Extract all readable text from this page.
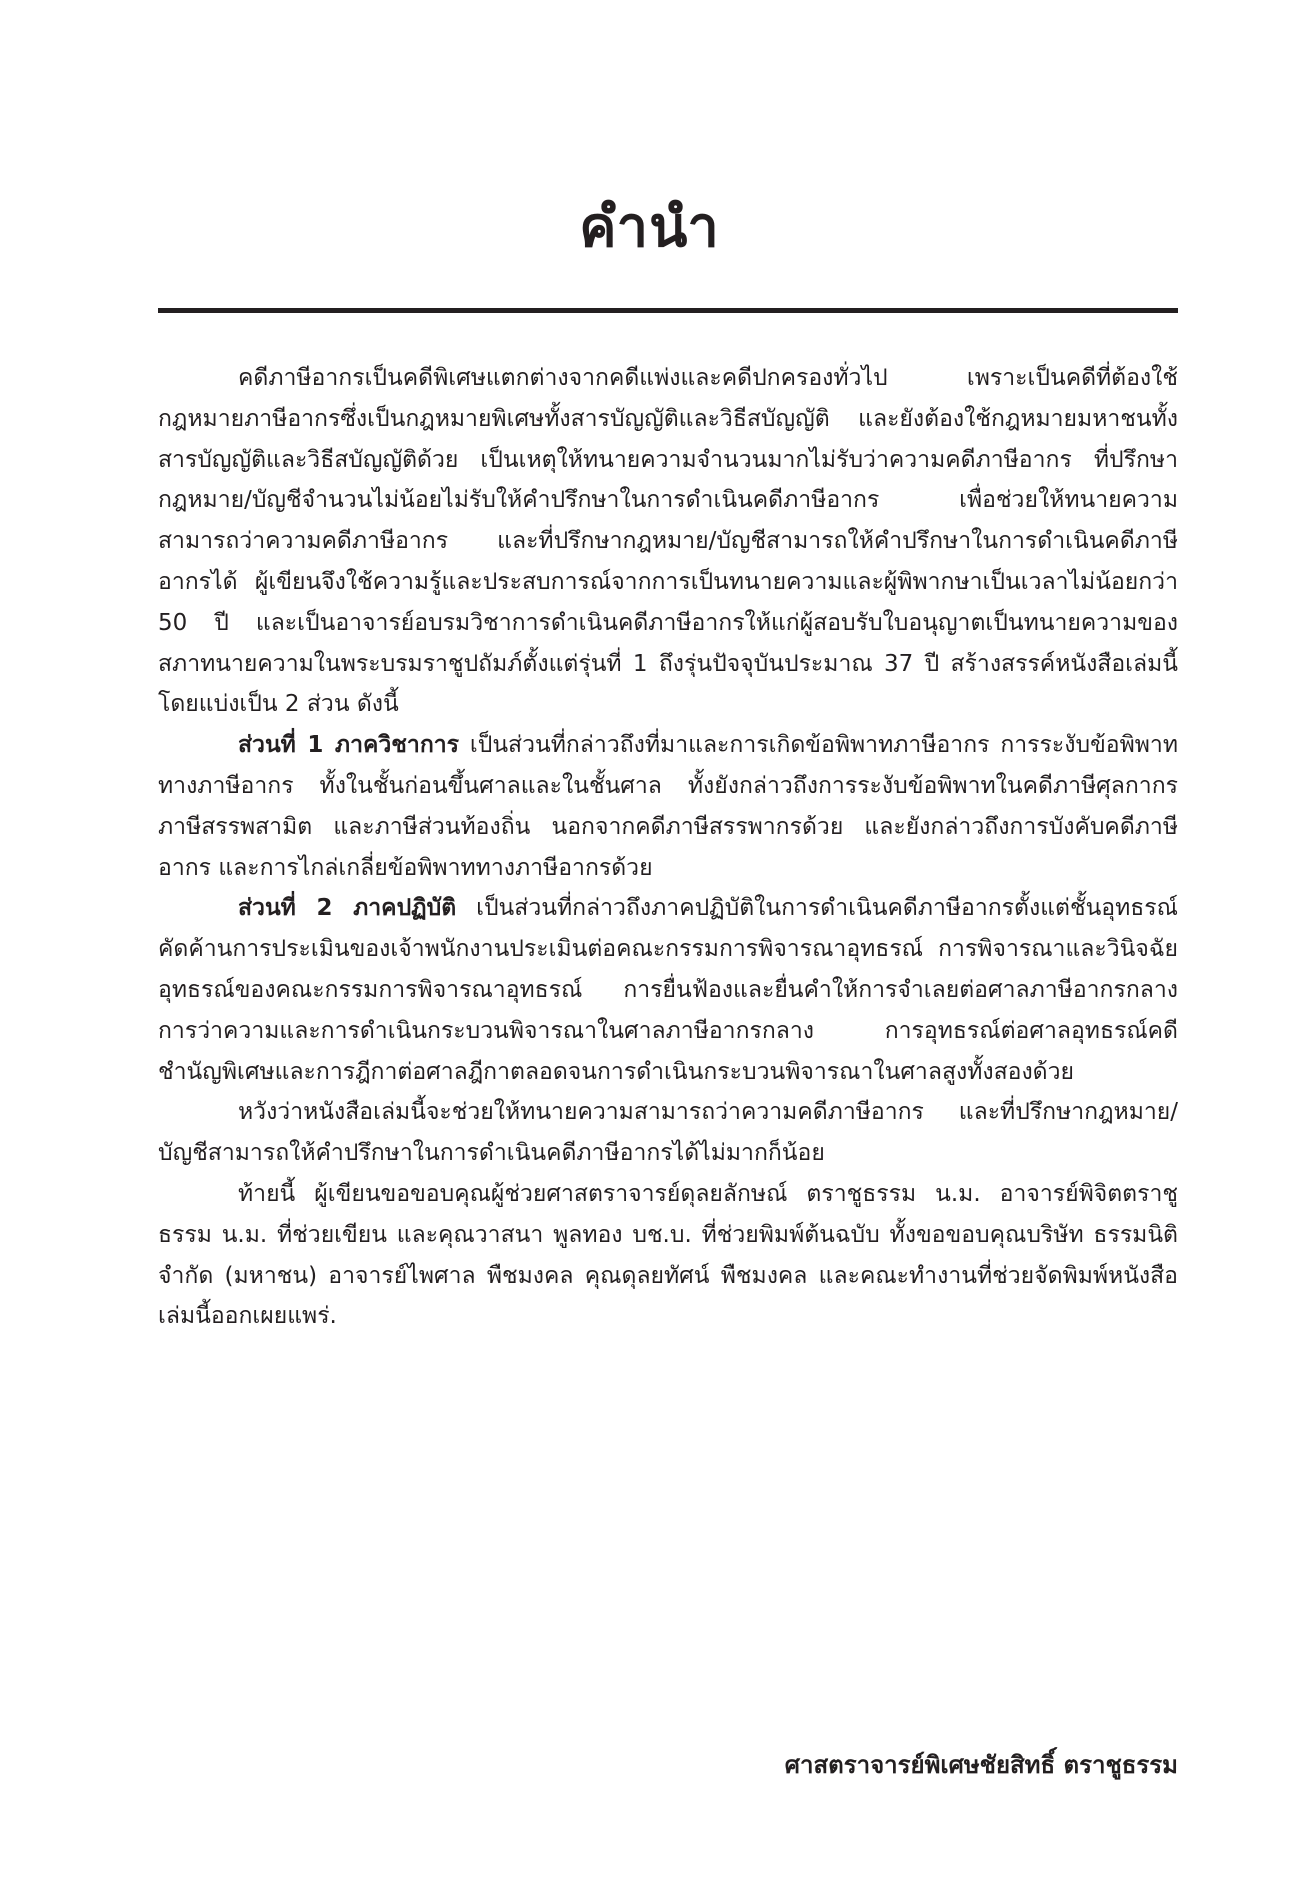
คำนำ

คดีภาษีอากรเป็นคดีพิเศษแตกต่างจากคดีแพ่งและคดีปกครองทั่วไป เพราะเป็นคดีที่ต้องใช้กฎหมายภาษีอากรซึ่งเป็นกฎหมายพิเศษทั้งสารบัญญัติและวิธีสบัญญัติ และยังต้องใช้กฎหมายมหาชนทั้งสารบัญญัติและวิธีสบัญญัติด้วย เป็นเหตุให้ทนายความจำนวนมากไม่รับว่าความคดีภาษีอากร ที่ปรึกษากฎหมาย/บัญชีจำนวนไม่น้อยไม่รับให้คำปรึกษาในการดำเนินคดีภาษีอากร เพื่อช่วยให้ทนายความสามารถว่าความคดีภาษีอากร และที่ปรึกษากฎหมาย/บัญชีสามารถให้คำปรึกษาในการดำเนินคดีภาษีอากรได้ ผู้เขียนจึงใช้ความรู้และประสบการณ์จากการเป็นทนายความและผู้พิพากษาเป็นเวลาไม่น้อยกว่า 50 ปี และเป็นอาจารย์อบรมวิชาการดำเนินคดีภาษีอากรให้แก่ผู้สอบรับใบอนุญาตเป็นทนายความของสภาทนายความในพระบรมราชูปถัมภ์ตั้งแต่รุ่นที่ 1 ถึงรุ่นปัจจุบันประมาณ 37 ปี สร้างสรรค์หนังสือเล่มนี้โดยแบ่งเป็น 2 ส่วน ดังนี้

ส่วนที่ 1 ภาควิชาการ เป็นส่วนที่กล่าวถึงที่มาและการเกิดข้อพิพาทภาษีอากร การระงับข้อพิพาททางภาษีอากร ทั้งในชั้นก่อนขึ้นศาลและในชั้นศาล ทั้งยังกล่าวถึงการระงับข้อพิพาทในคดีภาษีศุลกากร ภาษีสรรพสามิต และภาษีส่วนท้องถิ่น นอกจากคดีภาษีสรรพากรด้วย และยังกล่าวถึงการบังคับคดีภาษีอากร และการไกล่เกลี่ยข้อพิพาททางภาษีอากรด้วย

ส่วนที่ 2 ภาคปฏิบัติ เป็นส่วนที่กล่าวถึงภาคปฏิบัติในการดำเนินคดีภาษีอากรตั้งแต่ชั้นอุทธรณ์คัดค้านการประเมินของเจ้าพนักงานประเมินต่อคณะกรรมการพิจารณาอุทธรณ์ การพิจารณาและวินิจฉัยอุทธรณ์ของคณะกรรมการพิจารณาอุทธรณ์ การยื่นฟ้องและยื่นคำให้การจำเลยต่อศาลภาษีอากรกลาง การว่าความและการดำเนินกระบวนพิจารณาในศาลภาษีอากรกลาง การอุทธรณ์ต่อศาลอุทธรณ์คดีชำนัญพิเศษและการฎีกาต่อศาลฎีกาตลอดจนการดำเนินกระบวนพิจารณาในศาลสูงทั้งสองด้วย

หวังว่าหนังสือเล่มนี้จะช่วยให้ทนายความสามารถว่าความคดีภาษีอากร และที่ปรึกษากฎหมาย/บัญชีสามารถให้คำปรึกษาในการดำเนินคดีภาษีอากรได้ไม่มากก็น้อย

ท้ายนี้ ผู้เขียนขอขอบคุณผู้ช่วยศาสตราจารย์ดุลยลักษณ์ ตราชูธรรม น.ม. อาจารย์พิจิตตราชูธรรม น.ม. ที่ช่วยเขียน และคุณวาสนา พูลทอง บช.บ. ที่ช่วยพิมพ์ต้นฉบับ ทั้งขอขอบคุณบริษัท ธรรมนิติ จำกัด (มหาชน) อาจารย์ไพศาล พืชมงคล คุณดุลยทัศน์ พืชมงคล และคณะทำงานที่ช่วยจัดพิมพ์หนังสือเล่มนี้ออกเผยแพร่.

ศาสตราจารย์พิเศษชัยสิทธิ์ ตราชูธรรม
